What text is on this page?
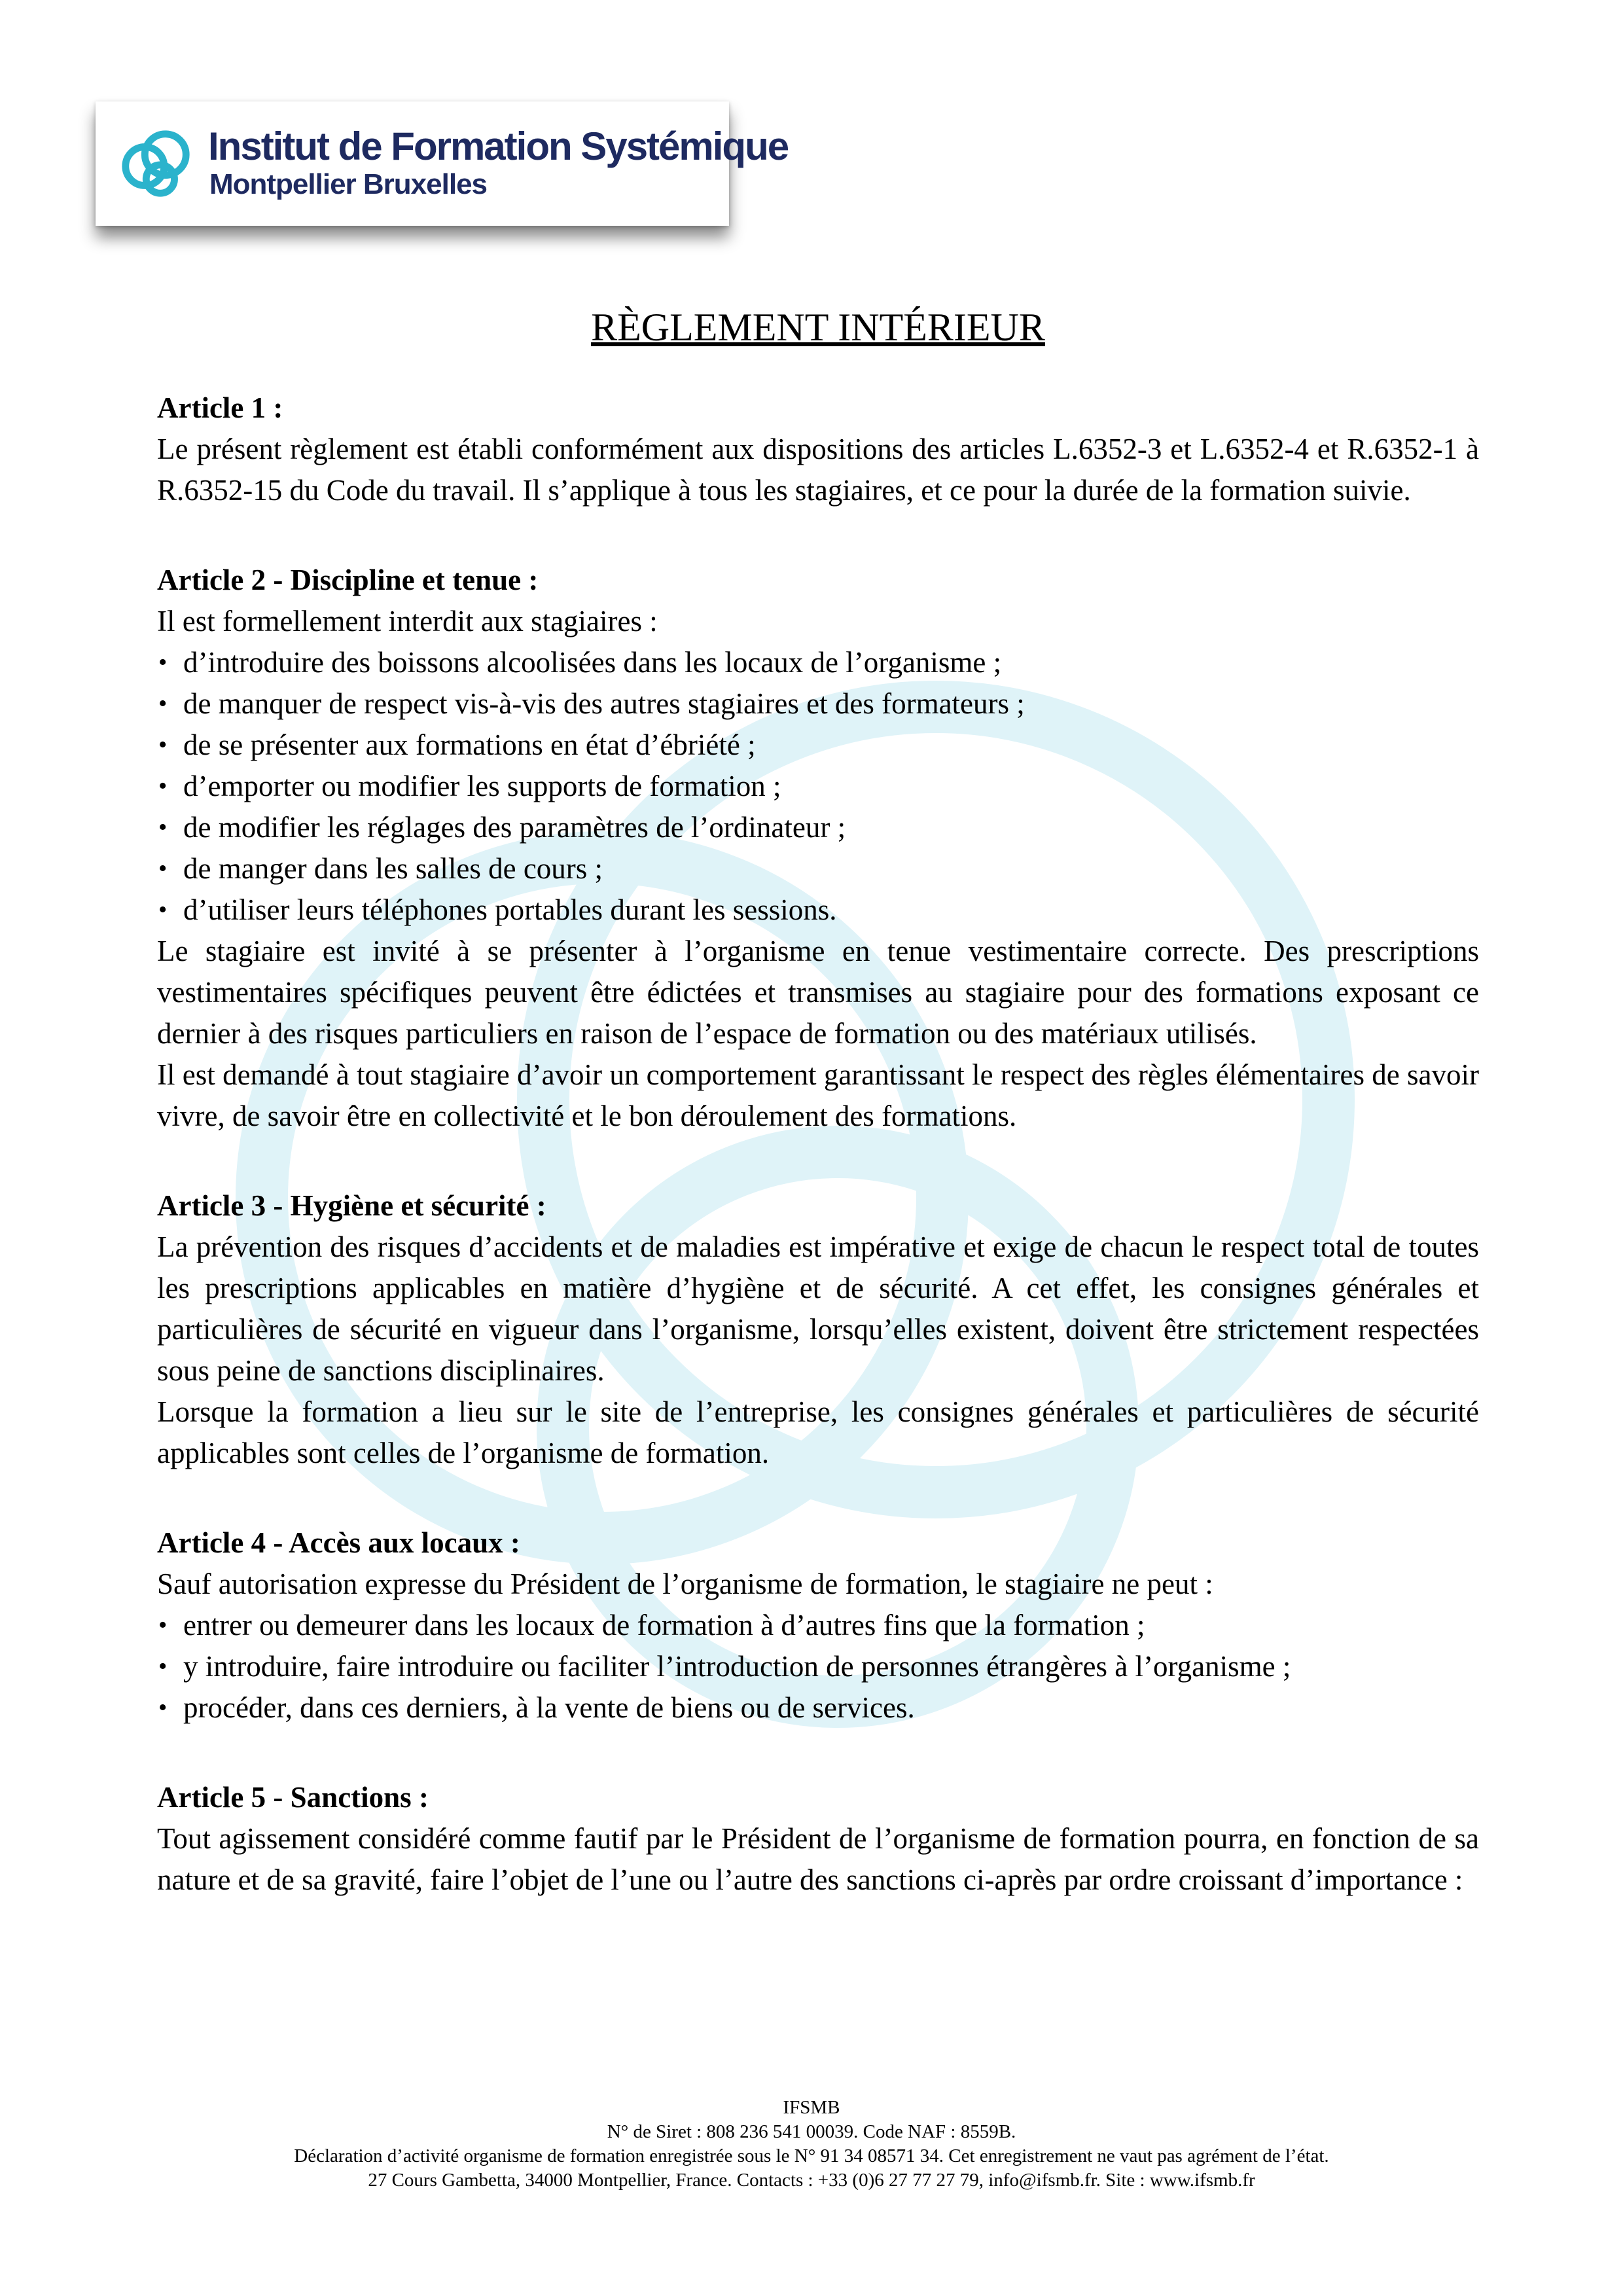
Institut de Formation Systémique
Montpellier Bruxelles
RÈGLEMENT INTÉRIEUR

Article 1 :

Le présent règlement est établi conformément aux dispositions des articles L.6352-3 et L.6352-4 et R.6352-1 à R.6352-15 du Code du travail. Il s’applique à tous les stagiaires, et ce pour la durée de la formation suivie.

Article 2 - Discipline et tenue :

Il est formellement interdit aux stagiaires :

• d’introduire des boissons alcoolisées dans les locaux de l’organisme ;
• de manquer de respect vis-à-vis des autres stagiaires et des formateurs ;
• de se présenter aux formations en état d’ébriété ;
• d’emporter ou modifier les supports de formation ;
• de modifier les réglages des paramètres de l’ordinateur ;
• de manger dans les salles de cours ;
• d’utiliser leurs téléphones portables durant les sessions.

Le stagiaire est invité à se présenter à l’organisme en tenue vestimentaire correcte. Des prescriptions vestimentaires spécifiques peuvent être édictées et transmises au stagiaire pour des formations exposant ce dernier à des risques particuliers en raison de l’espace de formation ou des matériaux utilisés.

Il est demandé à tout stagiaire d’avoir un comportement garantissant le respect des règles élémentaires de savoir vivre, de savoir être en collectivité et le bon déroulement des formations.

Article 3 - Hygiène et sécurité :

La prévention des risques d’accidents et de maladies est impérative et exige de chacun le respect total de toutes les prescriptions applicables en matière d’hygiène et de sécurité. A cet effet, les consignes générales et particulières de sécurité en vigueur dans l’organisme, lorsqu’elles existent, doivent être strictement respectées sous peine de sanctions disciplinaires.

Lorsque la formation a lieu sur le site de l’entreprise, les consignes générales et particulières de sécurité applicables sont celles de l’organisme de formation.

Article 4 - Accès aux locaux :

Sauf autorisation expresse du Président de l’organisme de formation, le stagiaire ne peut :

• entrer ou demeurer dans les locaux de formation à d’autres fins que la formation ;
• y introduire, faire introduire ou faciliter l’introduction de personnes étrangères à l’organisme ;
• procéder, dans ces derniers, à la vente de biens ou de services.

Article 5 - Sanctions :

Tout agissement considéré comme fautif par le Président de l’organisme de formation pourra, en fonction de sa nature et de sa gravité, faire l’objet de l’une ou l’autre des sanctions ci-après par ordre croissant d’importance :

IFSMB

N° de Siret : 808 236 541 00039. Code NAF : 8559B.

Déclaration d’activité organisme de formation enregistrée sous le N° 91 34 08571 34. Cet enregistrement ne vaut pas agrément de l’état.

27 Cours Gambetta, 34000 Montpellier, France. Contacts : +33 (0)6 27 77 27 79, info@ifsmb.fr. Site : www.ifsmb.fr
